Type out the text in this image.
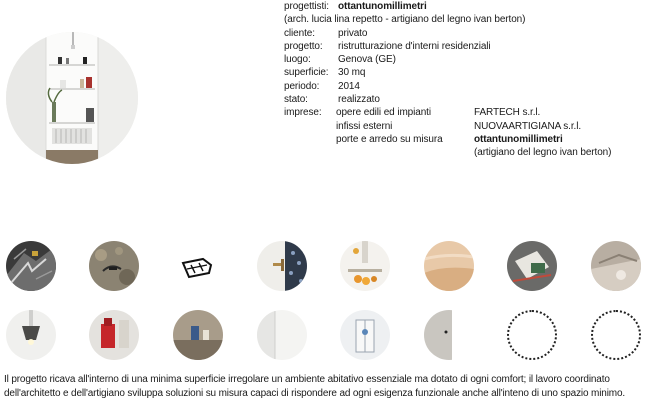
progettisti: ottantunomillimetri
(arch. lucia lina repetto - artigiano del legno ivan berton)
cliente: privato
progetto: ristrutturazione d'interni residenziali
luogo:	Genova (GE)
superficie: 30 mq
periodo: 2014
stato:	realizzato
imprese: opere edili ed impianti	FARTECH s.r.l.
infissi esterni	NUOVAARTIGIANA s.r.l.
porte e arredo su misura	ottantunomillimetri
(artigiano del legno ivan berton)
Il progetto ricava all'interno di una minima superficie irregolare un ambiente abitativo essenziale ma dotato di ogni comfort; il lavoro coordinato
dell'architetto e dell'artigiano sviluppa soluzioni su misura capaci di rispondere ad ogni esigenza funzionale anche all'inteno di uno spazio minimo.
